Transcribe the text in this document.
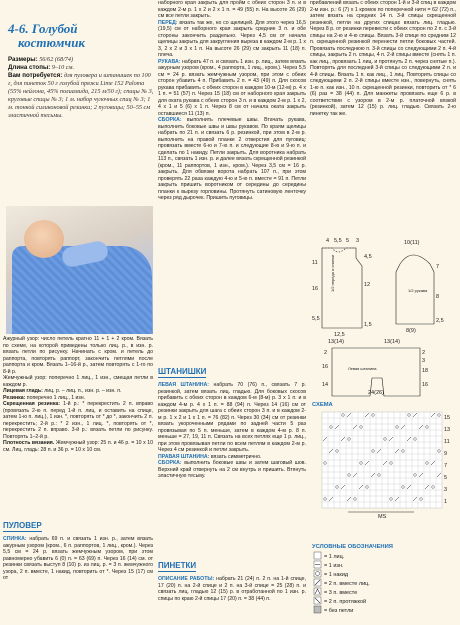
4-6. Голубой
костюмчик

Размеры: 56/62 (68/74)

Длина стопы: 9–10 см.

Вам потребуется: для пуловера и штанишек по 100 г, для пинеток 50 г голубой пряжи Lime 152 Paloma (55% нейлона, 45% полиамида, 215 м/50 г); спицы № 3, круговые спицы № 3; 1 м. набор чулочных спиц № 3; 1 м. тонкой силиконовой резинки; 2 пуговицы; 50–55 см эластичной тесьмы.

Ажурный узор: число петель кратно 11 + 1 + 2 кром. Вязать по схеме, на которой приведены только лиц. р., в изн. р. вязать петли по рисунку. Начинать с кром. и петель до раппорта, повторять раппорт, закончить петлями после раппорта и кром. Вязать 1–16-й р., затем повторять с 1-го по 8-й р.

Жемчужный узор: поперечно 1 лиц., 1 изн., смещая петли в каждом р.

Лицевая гладь: лиц. р. – лиц. п., изн. р. – изн. п.

Резинка: поперечно 1 лиц., 1 изн.

Скрещенная резинка: 1-й р.: * перекрестить 2 п. вправо (провязать 2-ю п. перед 1-й п. лиц. и оставить на спице, затем 1-ю п. лиц.), 1 изн. *, повторять от * до *, закончить 2 п. перекрестить; 2-й р.: * 2 изн., 1 лиц. *, повторять от *, перекрестить 2 п. вправо. 3-й р.: вязать петли по рисунку. Повторять 1–2-й р.

Плотность вязания. Жемчужный узор: 25 п. и 46 р. = 10 х 10 см. Лиц. гладь: 28 п. и 36 р. = 10 х 10 см.

ПУЛОВЕР

СПИНКА: набрать 69 п. и связать 1 изн. р., затем вязать ажурным узором (кром., 6 п. раппортов, 1 лиц., кром.). Через 5,5 см = 24 р. вязать жемчужным узором, при этом равномерно убавить 6 (0) п. = 63 (69) п. Через 16 (14) см. от резинки связать выступ 8 (10) р. из лиц. р. = 3 п. жемчужного узора, 2 п. вместе, 1 накид, повторить от *. Через 15 (17) см от

наборного края закрыть для пройм с обеих сторон 3 п. и в каждом 2-м р. 1 х 2 и 2 х 1 п. = 49 (55) п. На высоте 26 (29) см все петли закрыть.

ПЕРЕД: вязать так же, но со щелицей. Для этого через 16,5 (19,5) см от наборного края закрыть средние 3 п. и обе стороны закончить раздельно. Через 4,5 см от начала щелицы закрыть для закругления выреза в каждом 2-м р. 1 х 3, 2 х 2 и 3 х 1 п. На высоте 26 (29) см закрыть 11 (18) п. плеча.

РУКАВА: набрать 47 п. и связать 1 изн. р. лиц., затем вязать ажурным узором (кром., 4 раппорта, 1 лиц., кром.). Через 5,5 см = 24 р. вязать жемчужным узором, при этом с обеих сторон убавить 4 п. Прибавить 2 п. = 43 (49) п. Для скосов рукава прибавить с обеих сторон в каждом 10-м (12-м) р. 4 х 1 п. = 51 (57) п. Через 15 (18) см от наборного края закрыть для оката рукава с обеих сторон 3 п. и в каждом 2-м р. 1 х 2, 4 х 1 и 5 (6) х 1 п. Через 8 см от начала оката закрыть оставшиеся 11 (13) п.

СБОРКА: выполнить плечевые швы. Втачать рукава, выполнить боковые швы и швы рукавов. По краям щелицы набрать по 21 п. и связать 6 р. резинкой, при этом в 2-м р. выполнить на правой планке 2 отверстия для пуговиц: провязать вместе 6-ю и 7-ю п. и следующие 8-ю и 9-ю п. и сделать по 1 накиду. Петли закрыть. Для воротника набрать 113 п., связать 1 изн. р. и далее вязать скрещенной резинкой (кром., 11 раппортов, 1 изн., кром.). Через 3,5 см = 16 р. закрыть. Для обвязки ворота набрать 107 п., при этом проверять 22 раза каждую 4-ю и 5-ю п. вместе = 91 п. Петли закрыть пришить воротником от середины до середины планки к вырезу горловины. Протянуть сатиновую ленточку через ряд дырочек. Пришить пуговицы.

ШТАНИШКИ

ЛЕВАЯ ШТАНИНА: набрать 70 (76) п., связать 7 р. резинкой, затем вязать лиц. гладью. Для боковых скосов прибавить с обеих сторон в каждом 6-м (8-м) р. 3 х 1 п. и в каждом 4-м р. 4 х 1 п. = 88 (94) п. Через 14 (16) см от резинки закрыть для шага с обеих сторон 3 п. и в каждом 2-м р. 1 х 2 и 1 х 1 п. = 76 (82) п. Через 30 (34) см от резинки вязать укороченными рядами по задней части 5 раз провязывая по 5 п. меньше, затем в каждом 4-м р. 8 п. меньше = 27, 19, 11 п. Связать на всех петлях еще 1 р. лиц., при этом провязывая петли по всем петлям в каждом 2-м р. Через 4 см резинкой и петли закрыть.

ПРАВАЯ ШТАНИНА: вязать симметрично.

СБОРКА: выполнить боковые швы и затем шаговый шов. Верхний край отвернуть на 2 см внутрь и пришить. Втянуть эластичную тесьму.

ПИНЕТКИ

ОПИСАНИЕ РАБОТЫ: набрать 21 (24) п. 2 п. на 1-й спице, 17 (20) п. на 2-й спице и 2 п. на 3-й спице = 25 (28) п. и связать лиц. гладью 12 (15) р. в отработанной по 1 изн. р. спицы по краю 2-й спицы 17 (20) п. = 38 (44) п.

прибавлений вязать с обеих сторон 1-й и 3-й спиц в каждом 2-м изн. р.: 6 (7) х 1 кромок по поперечной нити = 62 (72) п., затем вязать на средних 14 п. 3-й спицы скрещенной резинкой, петли на других спицах вязать лиц. гладью. Через 8 р. от резинки перевести с обеих сторон по 2 п. с 3-й спицы на 2-ю и 4-ю спицы. Вязать 3-й спице по средним 12 п. скрещенной резинкой перенести петли боковых частей. Провязать последнюю п. 3-й спицы со следующими 2 п. 4-й спицы, закрыть 2 п. спицы, 4 п. 2-й спицы вместе (снять 1 п. как лиц., провязать 1 лиц. и протянуть 2 п. через снятые п.). Повторять для последней 3-й спицы со следующими 2 п. и 4-й спицы. Вязать 1 п. как лиц., 1 лиц. Повторить спицы со следующими 2 п. 2-й спицы вместе изн., повернуть, снять 1-ю п. как изн., 10 п. скрещенной резинки, повторить от * 6 (6) раз = 38 (44) п. Для манжеты провязать еще 6 р. в соответствии с узором в 2-м р. платочной вязкой (резинкой), затем 12 (15) р. лиц. гладью. Связать 2-ю пинетку так же.

4 5,5 5 3
11
4,5
12
16
10(11)
7
8
5,5
1,5
12,5
2,5
8(9)
1/2 переда и спинки	1/2 рукава
13(14)	13(14)
2	2
3
16
18
14	16
Левая штанина
24(26)
СХЕМА
15
13
11
9
7
5
3
1
МS
УСЛОВНЫЕ ОБОЗНАЧЕНИЯ
= 1 лиц.
= 1 изн.
= 1 накид
= 2 п. вместе лиц.
= 3 п. вместе
= 2 п. протяжкой
= без петли
